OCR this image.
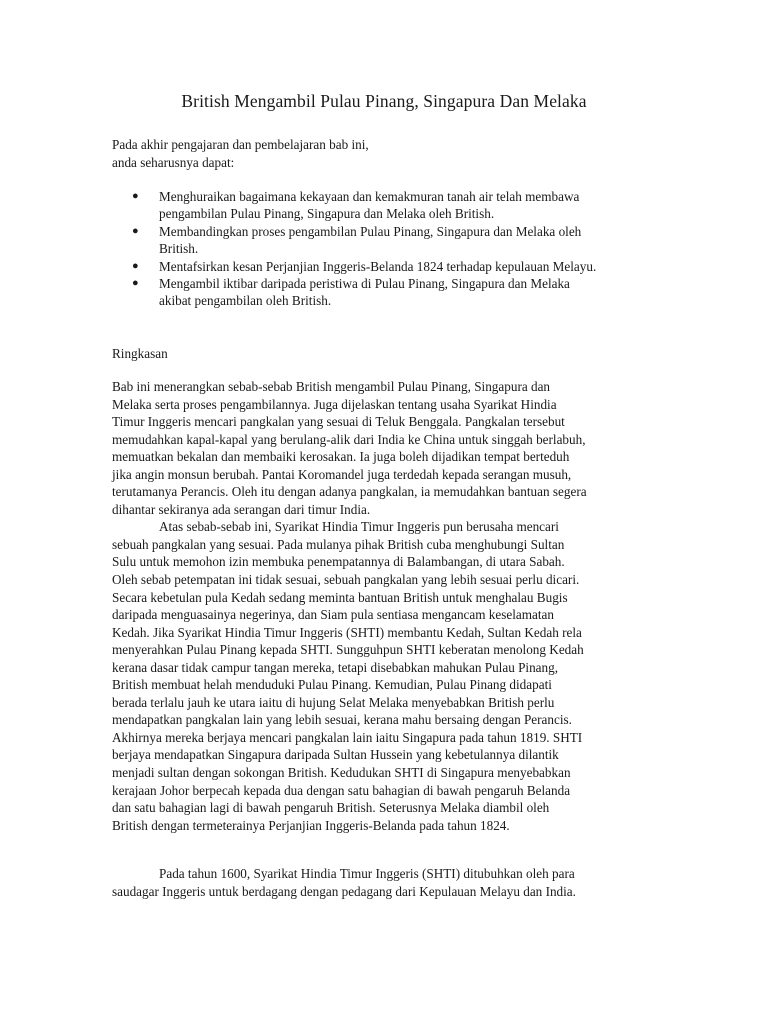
British Mengambil Pulau Pinang, Singapura Dan Melaka
Pada akhir pengajaran dan pembelajaran bab ini,
anda seharusnya dapat:
● Menghuraikan bagaimana kekayaan dan kemakmuran tanah air telah membawa
pengambilan Pulau Pinang, Singapura dan Melaka oleh British.
● Membandingkan proses pengambilan Pulau Pinang, Singapura dan Melaka oleh
British.
● Mentafsirkan kesan Perjanjian Inggeris-Belanda 1824 terhadap kepulauan Melayu.
● Mengambil iktibar daripada peristiwa di Pulau Pinang, Singapura dan Melaka
akibat pengambilan oleh British.
Ringkasan
Bab ini menerangkan sebab-sebab British mengambil Pulau Pinang, Singapura dan
Melaka serta proses pengambilannya. Juga dijelaskan tentang usaha Syarikat Hindia
Timur Inggeris mencari pangkalan yang sesuai di Teluk Benggala. Pangkalan tersebut
memudahkan kapal-kapal yang berulang-alik dari India ke China untuk singgah berlabuh,
memuatkan bekalan dan membaiki kerosakan. Ia juga boleh dijadikan tempat berteduh
jika angin monsun berubah. Pantai Koromandel juga terdedah kepada serangan musuh,
terutamanya Perancis. Oleh itu dengan adanya pangkalan, ia memudahkan bantuan segera
dihantar sekiranya ada serangan dari timur India.
Atas sebab-sebab ini, Syarikat Hindia Timur Inggeris pun berusaha mencari
sebuah pangkalan yang sesuai. Pada mulanya pihak British cuba menghubungi Sultan
Sulu untuk memohon izin membuka penempatannya di Balambangan, di utara Sabah.
Oleh sebab petempatan ini tidak sesuai, sebuah pangkalan yang lebih sesuai perlu dicari.
Secara kebetulan pula Kedah sedang meminta bantuan British untuk menghalau Bugis
daripada menguasainya negerinya, dan Siam pula sentiasa mengancam keselamatan
Kedah. Jika Syarikat Hindia Timur Inggeris (SHTI) membantu Kedah, Sultan Kedah rela
menyerahkan Pulau Pinang kepada SHTI. Sungguhpun SHTI keberatan menolong Kedah
kerana dasar tidak campur tangan mereka, tetapi disebabkan mahukan Pulau Pinang,
British membuat helah menduduki Pulau Pinang. Kemudian, Pulau Pinang didapati
berada terlalu jauh ke utara iaitu di hujung Selat Melaka menyebabkan British perlu
mendapatkan pangkalan lain yang lebih sesuai, kerana mahu bersaing dengan Perancis.
Akhirnya mereka berjaya mencari pangkalan lain iaitu Singapura pada tahun 1819. SHTI
berjaya mendapatkan Singapura daripada Sultan Hussein yang kebetulannya dilantik
menjadi sultan dengan sokongan British. Kedudukan SHTI di Singapura menyebabkan
kerajaan Johor berpecah kepada dua dengan satu bahagian di bawah pengaruh Belanda
dan satu bahagian lagi di bawah pengaruh British. Seterusnya Melaka diambil oleh
British dengan termeterainya Perjanjian Inggeris-Belanda pada tahun 1824.
Pada tahun 1600, Syarikat Hindia Timur Inggeris (SHTI) ditubuhkan oleh para
saudagar Inggeris untuk berdagang dengan pedagang dari Kepulauan Melayu dan India.
